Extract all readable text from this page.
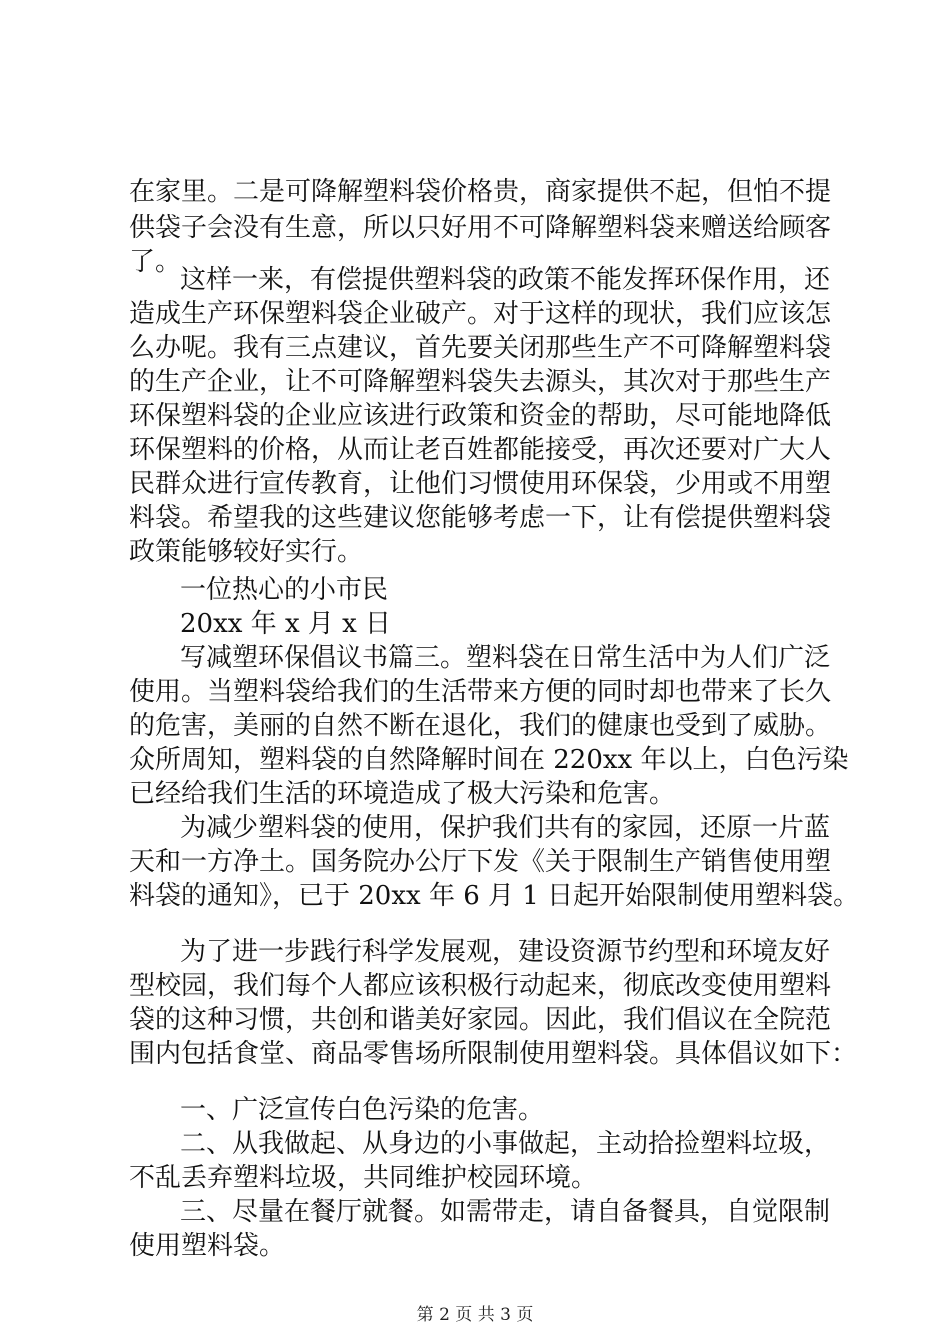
在家里。二是可降解塑料袋价格贵，商家提供不起，但怕不提
供袋子会没有生意，所以只好用不可降解塑料袋来赠送给顾客
了。
这样一来，有偿提供塑料袋的政策不能发挥环保作用，还
造成生产环保塑料袋企业破产。对于这样的现状，我们应该怎
么办呢。我有三点建议，首先要关闭那些生产不可降解塑料袋
的生产企业，让不可降解塑料袋失去源头，其次对于那些生产
环保塑料袋的企业应该进行政策和资金的帮助，尽可能地降低
环保塑料的价格，从而让老百姓都能接受，再次还要对广大人
民群众进行宣传教育，让他们习惯使用环保袋，少用或不用塑
料袋。希望我的这些建议您能够考虑一下，让有偿提供塑料袋
政策能够较好实行。
一位热心的小市民
20xx 年 x 月 x 日
写减塑环保倡议书篇三。塑料袋在日常生活中为人们广泛
使用。当塑料袋给我们的生活带来方便的同时却也带来了长久
的危害，美丽的自然不断在退化，我们的健康也受到了威胁。
众所周知，塑料袋的自然降解时间在 220xx 年以上，白色污染
已经给我们生活的环境造成了极大污染和危害。
为减少塑料袋的使用，保护我们共有的家园，还原一片蓝
天和一方净土。国务院办公厅下发《关于限制生产销售使用塑
料袋的通知》，已于 20xx 年 6 月 1 日起开始限制使用塑料袋。
为了进一步践行科学发展观，建设资源节约型和环境友好
型校园，我们每个人都应该积极行动起来，彻底改变使用塑料
袋的这种习惯，共创和谐美好家园。因此，我们倡议在全院范
围内包括食堂、商品零售场所限制使用塑料袋。具体倡议如下：
一、广泛宣传白色污染的危害。
二、从我做起、从身边的小事做起，主动拾捡塑料垃圾，
不乱丢弃塑料垃圾，共同维护校园环境。
三、尽量在餐厅就餐。如需带走，请自备餐具，自觉限制
使用塑料袋。
第 2 页 共 3 页
